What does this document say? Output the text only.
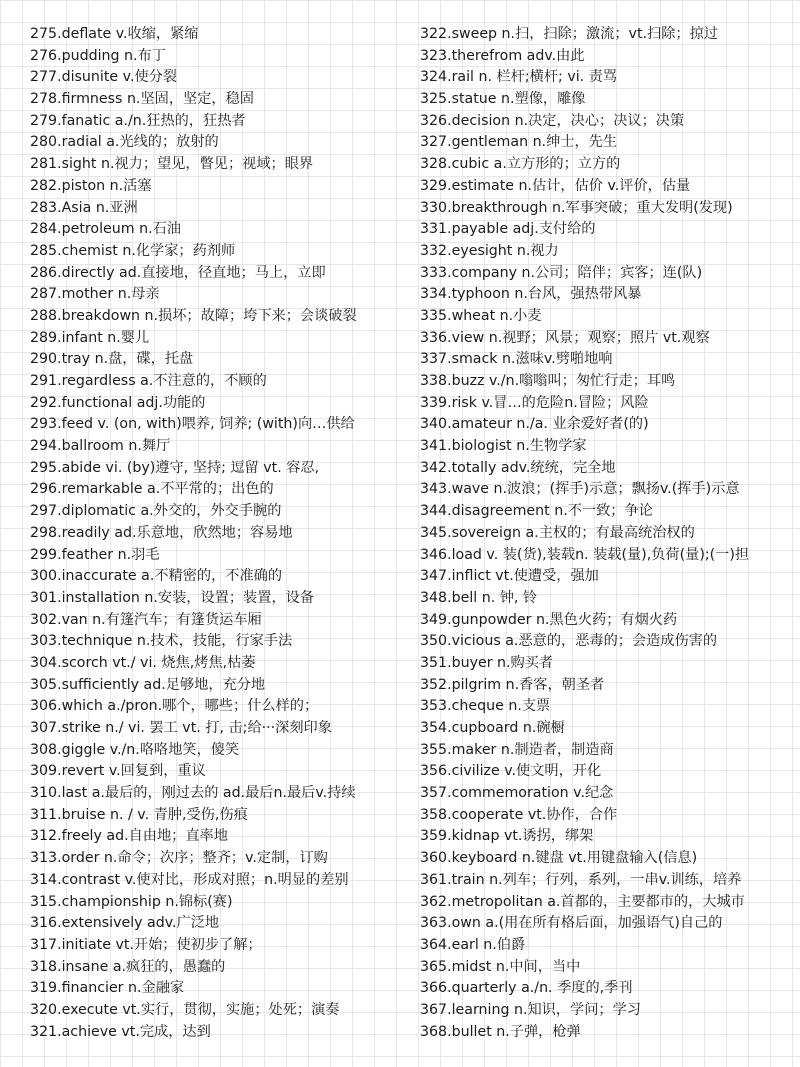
275.deflate v.收缩，紧缩
276.pudding n.布丁
277.disunite v.使分裂
278.firmness n.坚固，坚定，稳固
279.fanatic a./n.狂热的，狂热者
280.radial a.光线的；放射的
281.sight n.视力；望见，瞥见；视域；眼界
282.piston n.活塞
283.Asia n.亚洲
284.petroleum n.石油
285.chemist n.化学家；药剂师
286.directly ad.直接地，径直地；马上，立即
287.mother n.母亲
288.breakdown n.损坏；故障；垮下来；会谈破裂
289.infant n.婴儿
290.tray n.盘，碟，托盘
291.regardless a.不注意的，不顾的
292.functional adj.功能的
293.feed v. (on, with)喂养, 饲养; (with)向…供给
294.ballroom n.舞厅
295.abide vi. (by)遵守, 坚持; 逗留 vt. 容忍,
296.remarkable a.不平常的；出色的
297.diplomatic a.外交的，外交手腕的
298.readily ad.乐意地，欣然地；容易地
299.feather n.羽毛
300.inaccurate a.不精密的，不准确的
301.installation n.安装，设置；装置，设备
302.van n.有篷汽车；有篷货运车厢
303.technique n.技术，技能，行家手法
304.scorch vt./ vi. 烧焦,烤焦,枯萎
305.sufficiently ad.足够地，充分地
306.which a./pron.哪个，哪些；什么样的；
307.strike n./ vi. 罢工 vt. 打, 击;给···深刻印象
308.giggle v./n.咯咯地笑，傻笑
309.revert v.回复到，重议
310.last a.最后的，刚过去的 ad.最后n.最后v.持续
311.bruise n. / v. 青肿,受伤,伤痕
312.freely ad.自由地；直率地
313.order n.命令；次序；整齐；v.定制，订购
314.contrast v.使对比，形成对照；n.明显的差别
315.championship n.锦标(赛)
316.extensively adv.广泛地
317.initiate vt.开始；使初步了解；
318.insane a.疯狂的，愚蠢的
319.financier n.金融家
320.execute vt.实行，贯彻，实施；处死；演奏
321.achieve vt.完成，达到
322.sweep n.扫，扫除；激流；vt.扫除；掠过
323.therefrom adv.由此
324.rail n. 栏杆;横杆; vi. 责骂
325.statue n.塑像，雕像
326.decision n.决定，决心；决议；决策
327.gentleman n.绅士，先生
328.cubic a.立方形的；立方的
329.estimate n.估计，估价 v.评价，估量
330.breakthrough n.军事突破；重大发明(发现)
331.payable adj.支付给的
332.eyesight n.视力
333.company n.公司；陪伴；宾客；连(队)
334.typhoon n.台风，强热带风暴
335.wheat n.小麦
336.view n.视野；风景；观察；照片 vt.观察
337.smack n.滋味v.劈啪地响
338.buzz v./n.嗡嗡叫；匆忙行走；耳鸣
339.risk v.冒…的危险n.冒险；风险
340.amateur n./a. 业余爱好者(的)
341.biologist n.生物学家
342.totally adv.统统，完全地
343.wave n.波浪；(挥手)示意；飘扬v.(挥手)示意
344.disagreement n.不一致；争论
345.sovereign a.主权的；有最高统治权的
346.load v. 装(货),装载n. 装载(量),负荷(量);(一)担
347.inflict vt.使遭受，强加
348.bell n. 钟, 铃
349.gunpowder n.黑色火药；有烟火药
350.vicious a.恶意的，恶毒的；会造成伤害的
351.buyer n.购买者
352.pilgrim n.香客，朝圣者
353.cheque n.支票
354.cupboard n.碗橱
355.maker n.制造者，制造商
356.civilize v.使文明，开化
357.commemoration v.纪念
358.cooperate vt.协作，合作
359.kidnap vt.诱拐，绑架
360.keyboard n.键盘 vt.用键盘输入(信息)
361.train n.列车；行列，系列，一串v.训练，培养
362.metropolitan a.首都的，主要都市的，大城市
363.own a.(用在所有格后面，加强语气)自己的
364.earl n.伯爵
365.midst n.中间，当中
366.quarterly a./n. 季度的,季刊
367.learning n.知识，学问；学习
368.bullet n.子弹，枪弹
